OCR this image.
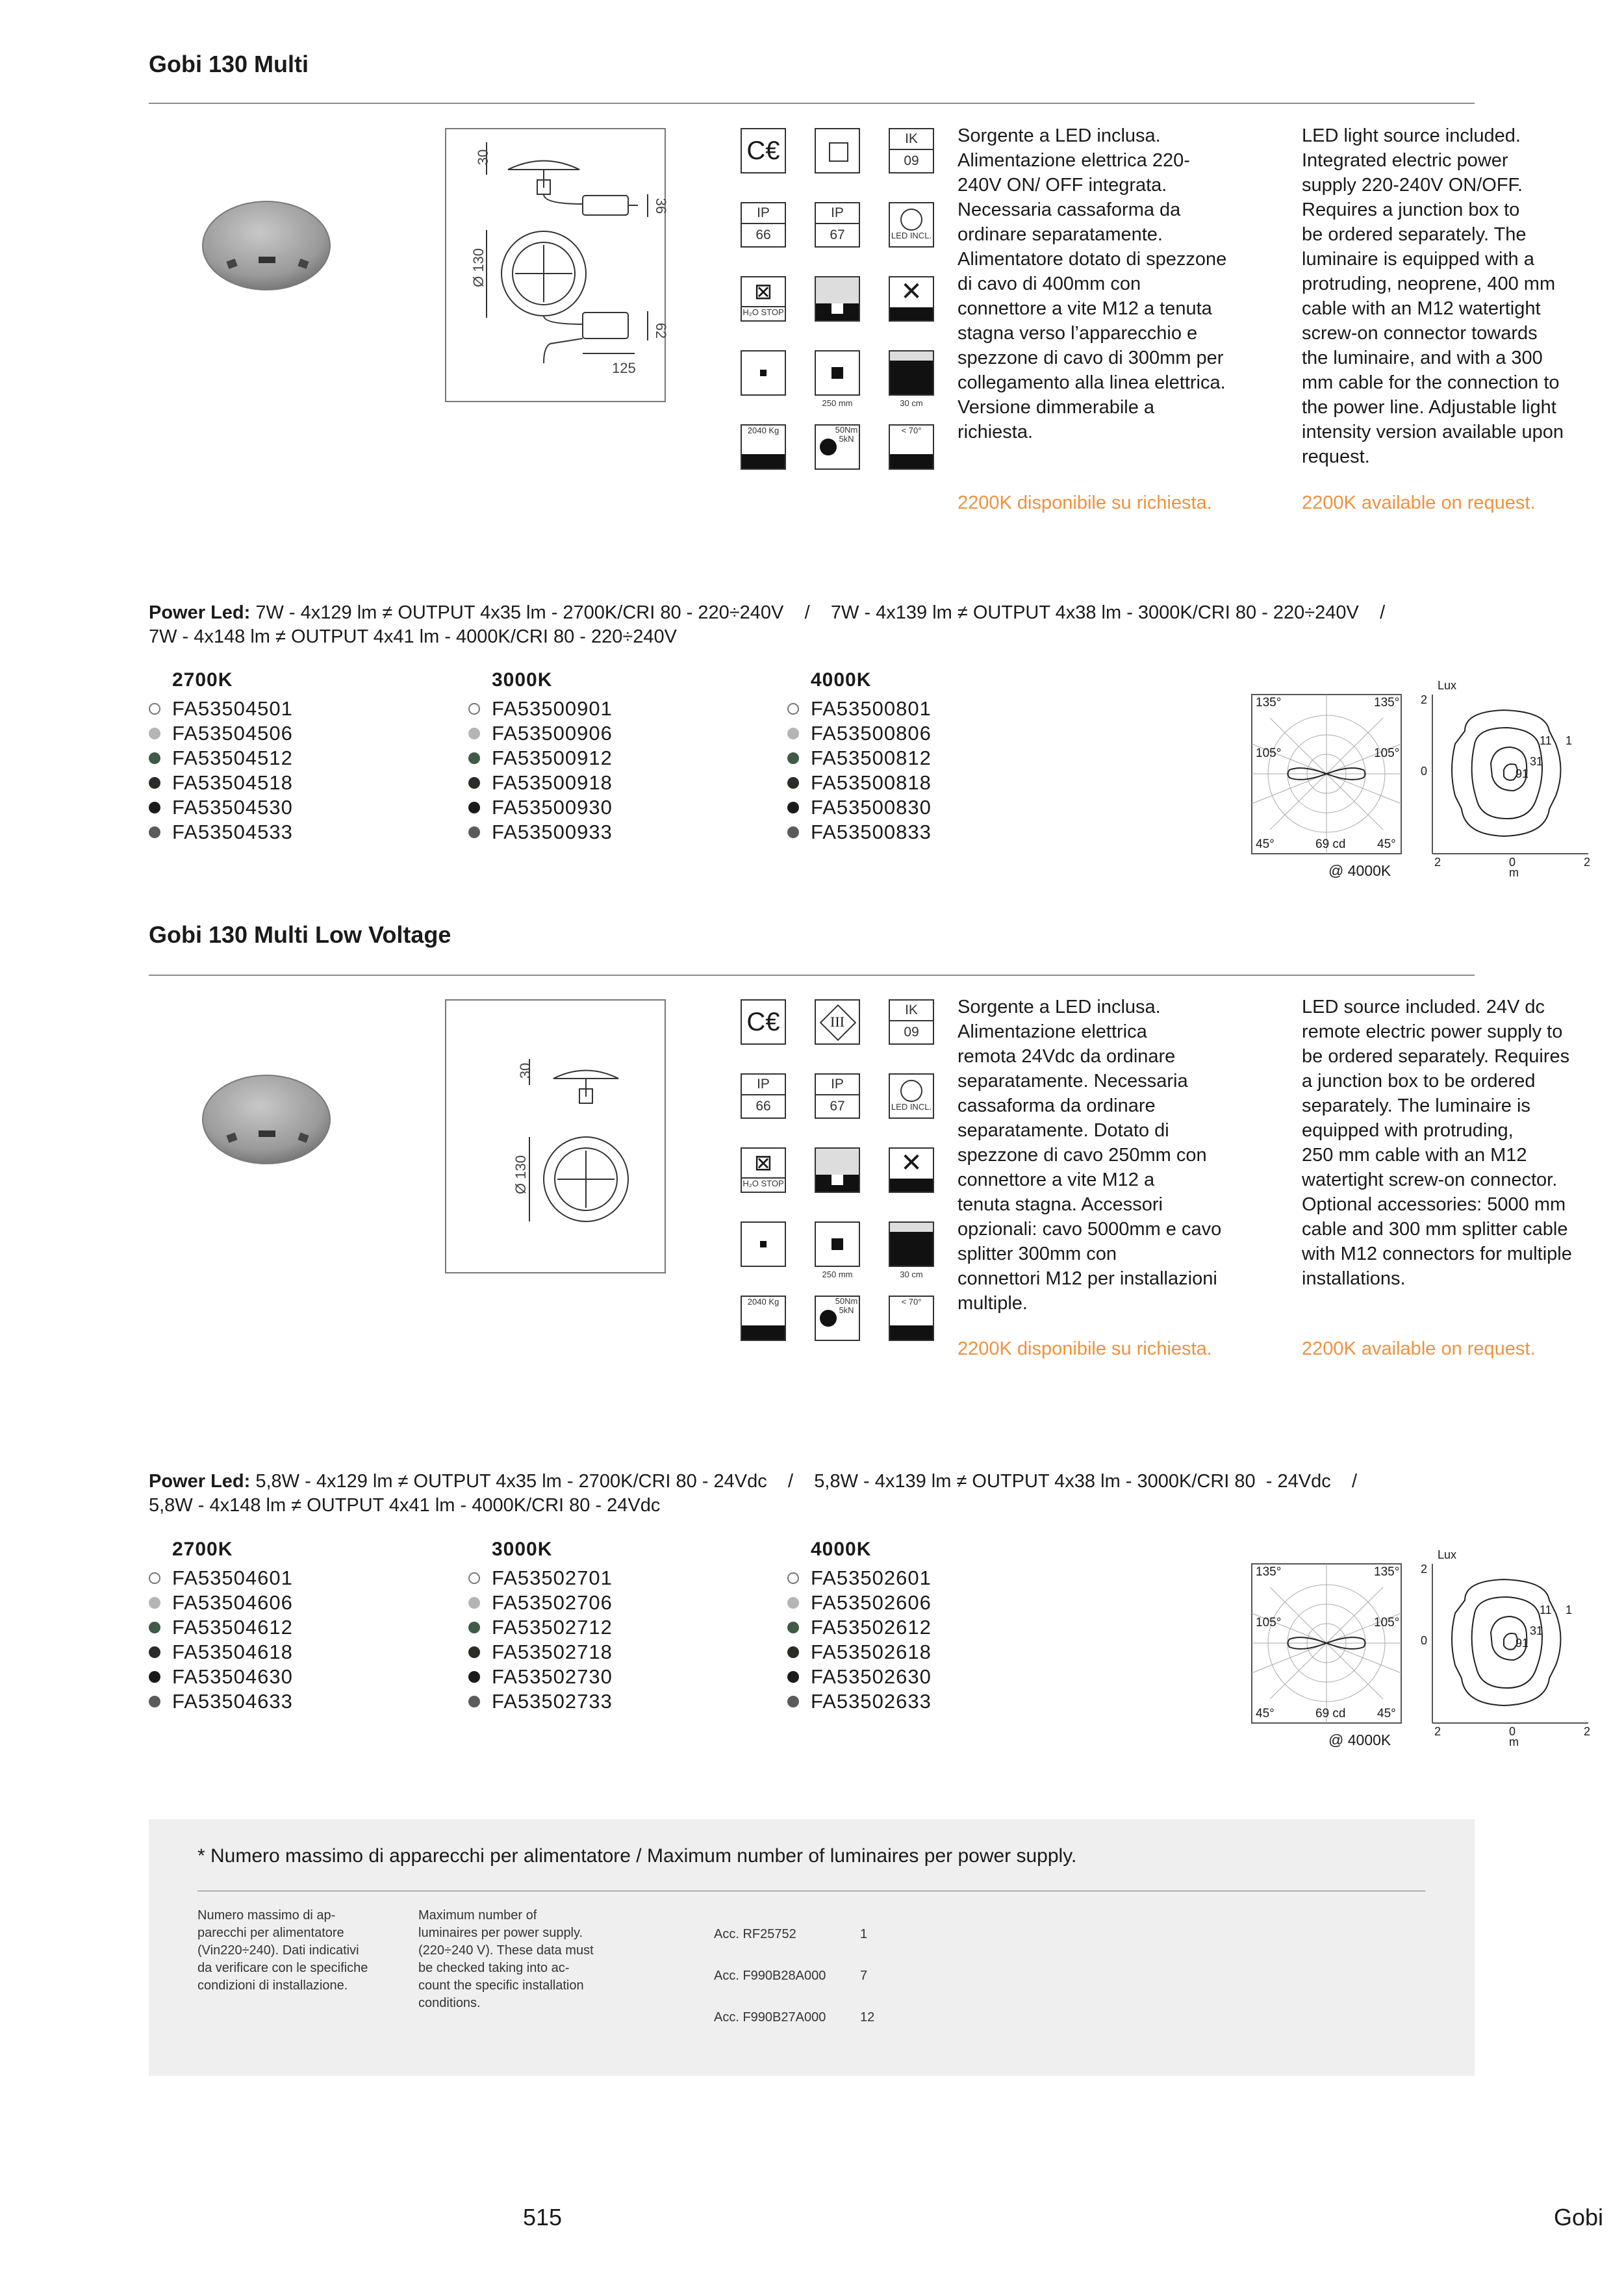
Gobi 130 Multi
30
Ø 130
36
62
125
C€	IK
09
IP
66
IP
67	LED INCL.
⊠
H₂O STOP
✕
250 mm	30 cm
2040 Kg	50Nm
5kN
< 70°
Sorgente a LED inclusa.
Alimentazione elettrica 220-
240V ON/ OFF integrata.
Necessaria cassaforma da
ordinare separatamente.
Alimentatore dotato di spezzone
di cavo di 400mm con
connettore a vite M12 a tenuta
stagna verso l’apparecchio e
spezzone di cavo di 300mm per
collegamento alla linea elettrica.
Versione dimmerabile a
richiesta.
LED light source included.
Integrated electric power
supply 220-240V ON/OFF.
Requires a junction box to
be ordered separately. The
luminaire is equipped with a
protruding, neoprene, 400 mm
cable with an M12 watertight
screw-on connector towards
the luminaire, and with a 300
mm cable for the connection to
the power line. Adjustable light
intensity version available upon
request.
2200K disponibile su richiesta.	2200K available on request.
Power Led: 7W - 4x129 lm ≠ OUTPUT 4x35 lm - 2700K/CRI 80 - 220÷240V    /    7W - 4x139 lm ≠ OUTPUT 4x38 lm - 3000K/CRI 80 - 220÷240V    /
7W - 4x148 lm ≠ OUTPUT 4x41 lm - 4000K/CRI 80 - 220÷240V
2700K
FA53504501
FA53504506
FA53504512
FA53504518
FA53504530
FA53504533
3000K
FA53500901
FA53500906
FA53500912
FA53500918
FA53500930
FA53500933
4000K
FA53500801
FA53500806
FA53500812
FA53500818
FA53500830
FA53500833
135°	135°
105°	105°
45°	69 cd	45°
@ 4000K
Lux
2
0
2	0
m
2
11 1
31
91
Gobi 130 Multi Low Voltage
30
Ø 130
C€	III
IK
09
IP
66
IP
67	LED INCL.
⊠
H₂O STOP
✕
250 mm	30 cm
2040 Kg	50Nm
5kN
< 70°
Sorgente a LED inclusa.
Alimentazione elettrica
remota 24Vdc da ordinare
separatamente. Necessaria
cassaforma da ordinare
separatamente. Dotato di
spezzone di cavo 250mm con
connettore a vite M12 a
tenuta stagna. Accessori
opzionali: cavo 5000mm e cavo
splitter 300mm con
connettori M12 per installazioni
multiple.
LED source included. 24V dc
remote electric power supply to
be ordered separately. Requires
a junction box to be ordered
separately. The luminaire is
equipped with protruding,
250 mm cable with an M12
watertight screw-on connector.
Optional accessories: 5000 mm
cable and 300 mm splitter cable
with M12 connectors for multiple
installations.
2200K disponibile su richiesta.	2200K available on request.
Power Led: 5,8W - 4x129 lm ≠ OUTPUT 4x35 lm - 2700K/CRI 80 - 24Vdc    /    5,8W - 4x139 lm ≠ OUTPUT 4x38 lm - 3000K/CRI 80  - 24Vdc    /
5,8W - 4x148 lm ≠ OUTPUT 4x41 lm - 4000K/CRI 80 - 24Vdc
2700K
FA53504601
FA53504606
FA53504612
FA53504618
FA53504630
FA53504633
3000K
FA53502701
FA53502706
FA53502712
FA53502718
FA53502730
FA53502733
4000K
FA53502601
FA53502606
FA53502612
FA53502618
FA53502630
FA53502633
135°	135°
105°	105°
45°	69 cd	45°
@ 4000K
Lux
2
0
2	0
m
2
11 1
31
91
* Numero massimo di apparecchi per alimentatore / Maximum number of luminaires per power supply.
Numero massimo di ap-
parecchi per alimentatore
(Vin220÷240). Dati indicativi
da verificare con le specifiche
condizioni di installazione.
Maximum number of
luminaires per power supply.
(220÷240 V). These data must
be checked taking into ac-
count the specific installation
conditions.

Acc. RF25752	1

Acc. F990B28A000	7

Acc. F990B27A000	12

515	Gobi
